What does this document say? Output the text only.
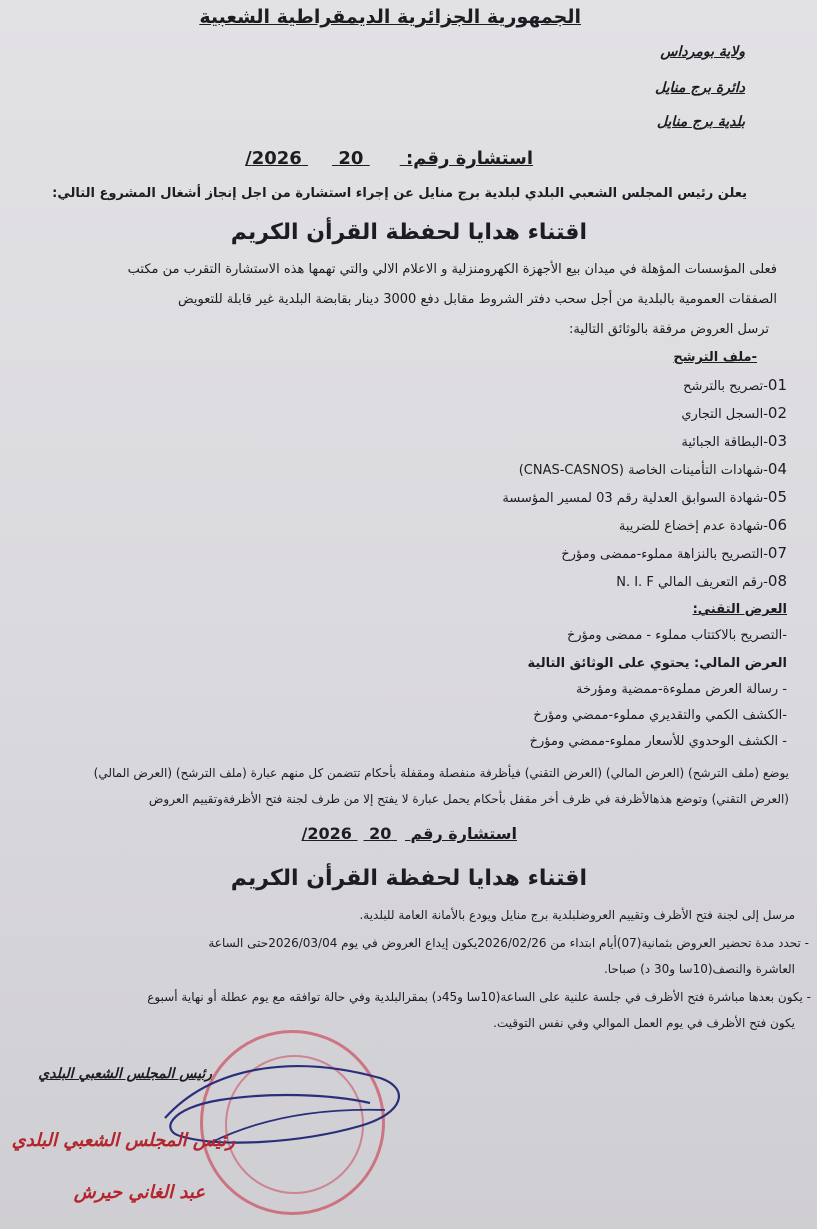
الجمهورية الجزائرية الديمقراطية الشعبية
ولاية بومرداس
دائرة برج منايل
بلدية برج منايل
استشارة رقم:  20  2026/
يعلن رئيس المجلس الشعبي البلدي لبلدية برج منايل عن إجراء استشارة من اجل إنجاز أشغال المشروع التالي:
اقتناء هدايا لحفظة القرأن الكريم
فعلى المؤسسات المؤهلة في ميدان بيع الأجهزة الكهرومنزلية و الاعلام الالي والتي تهمها هذه الاستشارة التقرب من مكتب
الصفقات العمومية بالبلدية من أجل سحب دفتر الشروط مقابل دفع 3000 دينار بقابضة البلدية غير قابلة للتعويض
ترسل العروض مرفقة بالوثائق التالية:
-ملف الترشح
01-تصريح بالترشح
02-السجل التجاري
03-البطاقة الجبائية
04-شهادات التأمينات الخاصة (CNAS-CASNOS)
05-شهادة السوابق العدلية رقم 03 لمسير المؤسسة
06-شهادة عدم إخضاع للضريبة
07-التصريح بالنزاهة مملوء-ممضى ومؤرخ
08-رقم التعريف المالي N. I. F
العرض التقني:
-التصريح بالاكتتاب مملوء - ممضى ومؤرخ
العرض المالي: يحتوي على الوثائق التالية
- رسالة العرض مملوءة-ممضية ومؤرخة
-الكشف الكمي والتقديري مملوء-ممضي ومؤرخ
- الكشف الوحدوي للأسعار مملوء-ممضي ومؤرخ
يوضع (ملف الترشح) (العرض المالي) (العرض التقني) فيأظرفة منفصلة ومقفلة بأحكام تتضمن كل منهم عبارة (ملف الترشح) (العرض المالي)
(العرض التقني) وتوضع هذهالأظرفة في ظرف أخر مقفل بأحكام يحمل عبارة لا يفتح إلا من طرف لجنة فتح الأظرفةوتقييم العروض
استشارة رقم  20  2026/
اقتناء هدايا لحفظة القرأن الكريم
مرسل إلى لجنة فتح الأظرف وتقييم العروضلبلدية برج منايل ويودع بالأمانة العامة للبلدية.
- تحدد مدة تحضير العروض بثمانية(07)أيام ابتداء من 2026/02/26يكون إيداع العروض في يوم 2026/03/04حتى الساعة
العاشرة والنصف(10سا و30 د) صباحا.
- يكون بعدها مباشرة فتح الأظرف في جلسة علنية على الساعة(10سا و45د) بمقرالبلدية وفي حالة توافقه مع يوم عطلة أو نهاية أسبوع
يكون فتح الأظرف في يوم العمل الموالي وفي نفس التوقيت.
رئيس المجلس الشعبي البلدي
رئيس المجلس الشعبي البلدي
عبد الغاني حيرش
